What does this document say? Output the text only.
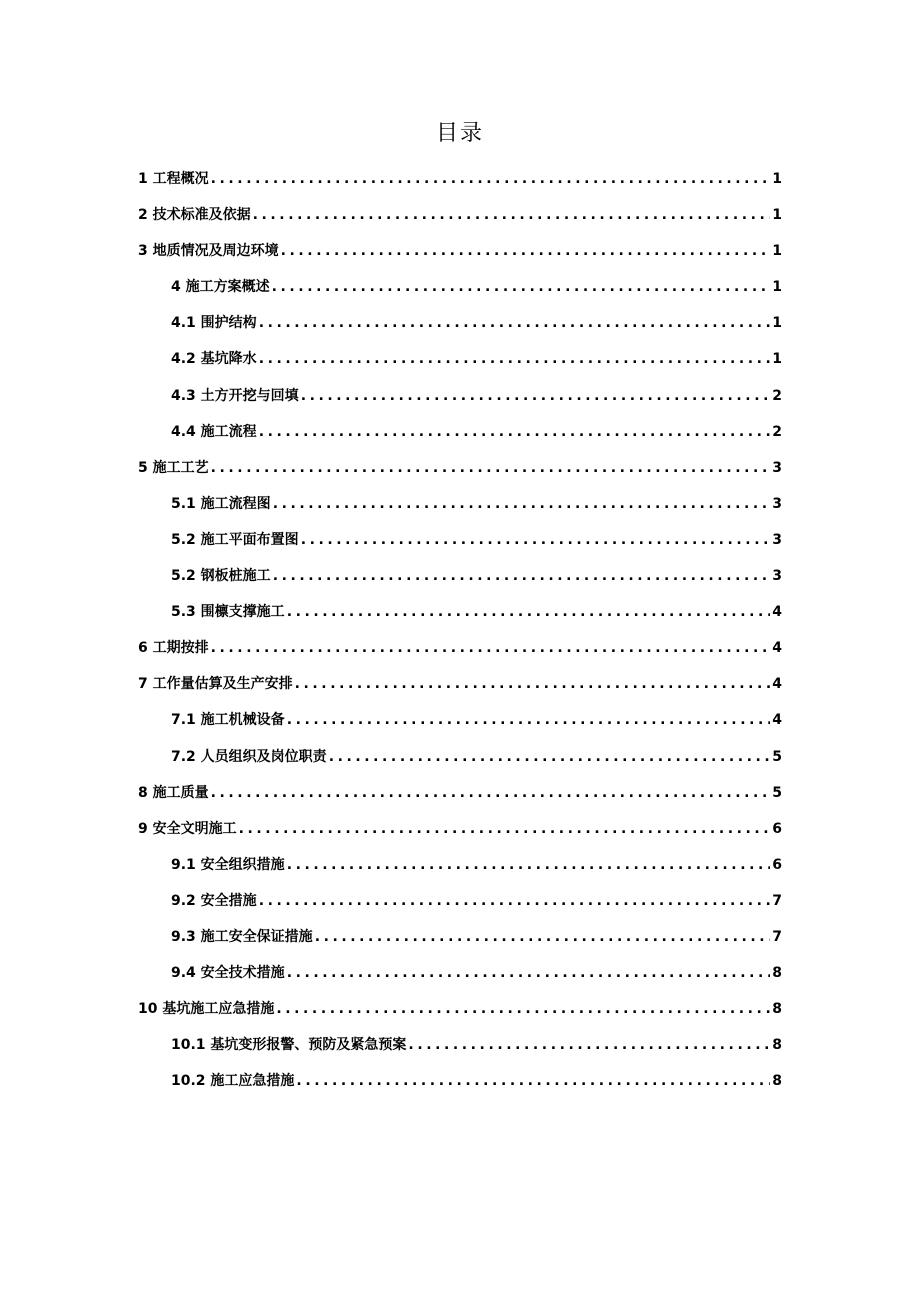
目录
1 工程概况 . . .	1
2 技术标准及依据 . . .	1
3 地质情况及周边环境 . . .	1
4 施工方案概述 . . .	1
4.1 围护结构 . . .	1
4.2 基坑降水 . . .	1
4.3 土方开挖与回填 . . .	2
4.4 施工流程 . . .	2
5 施工工艺 . . .	3
5.1 施工流程图 . . .	3
5.2 施工平面布置图 . . .	3
5.2 钢板桩施工 . . .	3
5.3 围檩支撑施工 . . .	4
6 工期按排 . . .	4
7 工作量估算及生产安排 . . .	4
7.1 施工机械设备 . . .	4
7.2 人员组织及岗位职责 . . .	5
8 施工质量 . . .	5
9 安全文明施工 . . .	6
9.1 安全组织措施 . . .	6
9.2 安全措施 . . .	7
9.3 施工安全保证措施 . . .	7
9.4 安全技术措施 . . .	8
10 基坑施工应急措施 . . .	8
10.1 基坑变形报警、预防及紧急预案 . . .	8
10.2 施工应急措施 . . .	8
